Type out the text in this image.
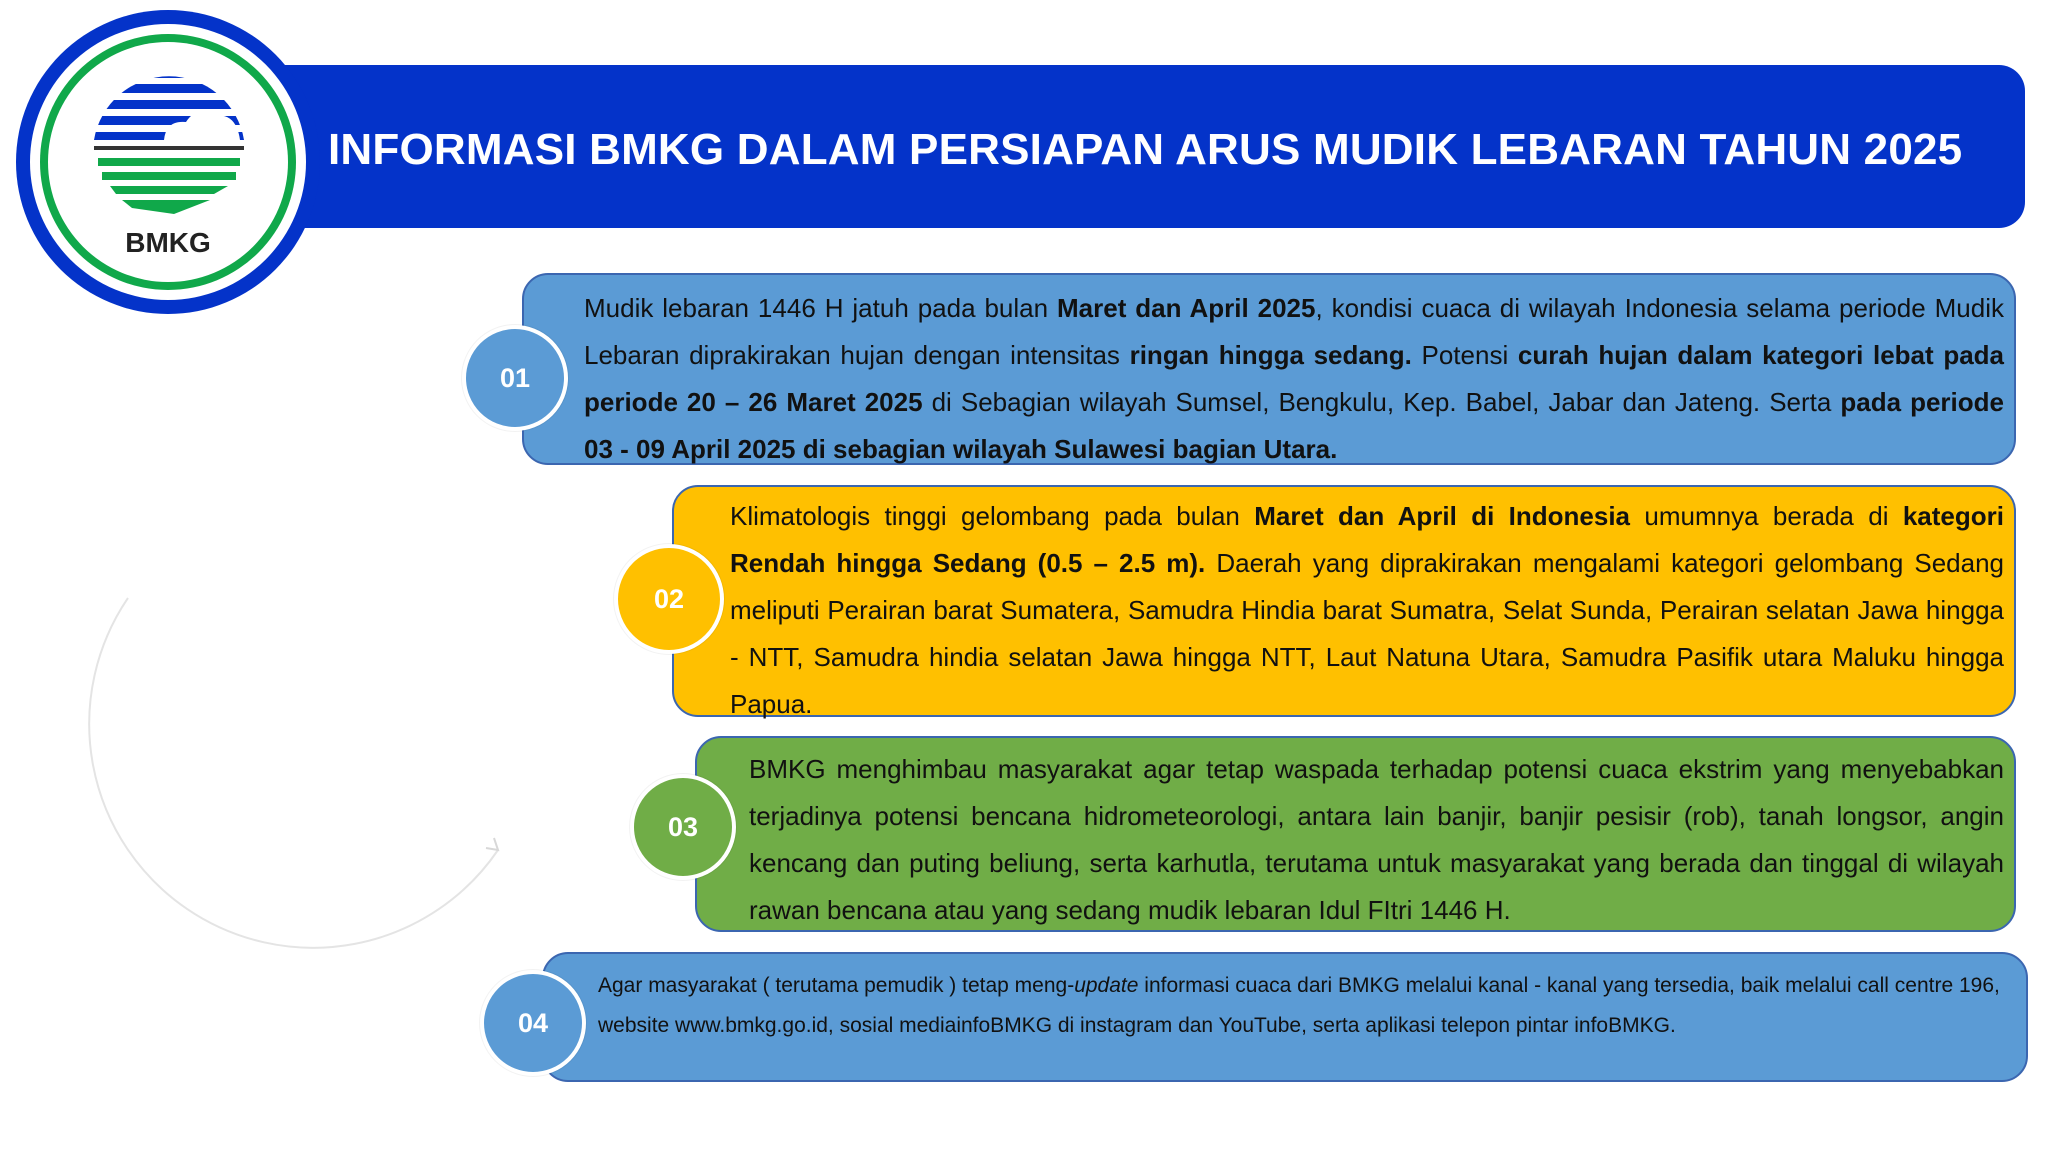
INFORMASI BMKG DALAM PERSIAPAN ARUS MUDIK LEBARAN TAHUN 2025
BMKG
Mudik lebaran 1446 H jatuh pada bulan Maret dan April 2025, kondisi cuaca di wilayah Indonesia selama periode Mudik Lebaran diprakirakan hujan dengan intensitas ringan hingga sedang. Potensi curah hujan dalam kategori lebat pada periode 20 – 26 Maret 2025 di Sebagian wilayah Sumsel, Bengkulu, Kep. Babel, Jabar dan Jateng. Serta pada periode 03 - 09 April 2025 di sebagian wilayah Sulawesi bagian Utara.
01
Klimatologis tinggi gelombang pada bulan Maret dan April di Indonesia umumnya berada di kategori Rendah hingga Sedang (0.5 – 2.5 m). Daerah yang diprakirakan mengalami kategori gelombang Sedang meliputi Perairan barat Sumatera, Samudra Hindia barat Sumatra, Selat Sunda, Perairan selatan Jawa hingga - NTT, Samudra hindia selatan Jawa hingga NTT, Laut Natuna Utara, Samudra Pasifik utara Maluku hingga Papua.
02
BMKG menghimbau masyarakat agar tetap waspada terhadap potensi cuaca ekstrim yang menyebabkan terjadinya potensi bencana hidrometeorologi, antara lain banjir, banjir pesisir (rob), tanah longsor, angin kencang dan puting beliung, serta karhutla, terutama untuk masyarakat yang berada dan tinggal di wilayah rawan bencana atau yang sedang mudik lebaran Idul FItri 1446 H.
03
Agar masyarakat ( terutama pemudik ) tetap meng-update informasi cuaca dari BMKG melalui kanal - kanal yang tersedia, baik melalui call centre 196, website www.bmkg.go.id, sosial mediainfoBMKG di instagram dan YouTube, serta aplikasi telepon pintar infoBMKG.
04
